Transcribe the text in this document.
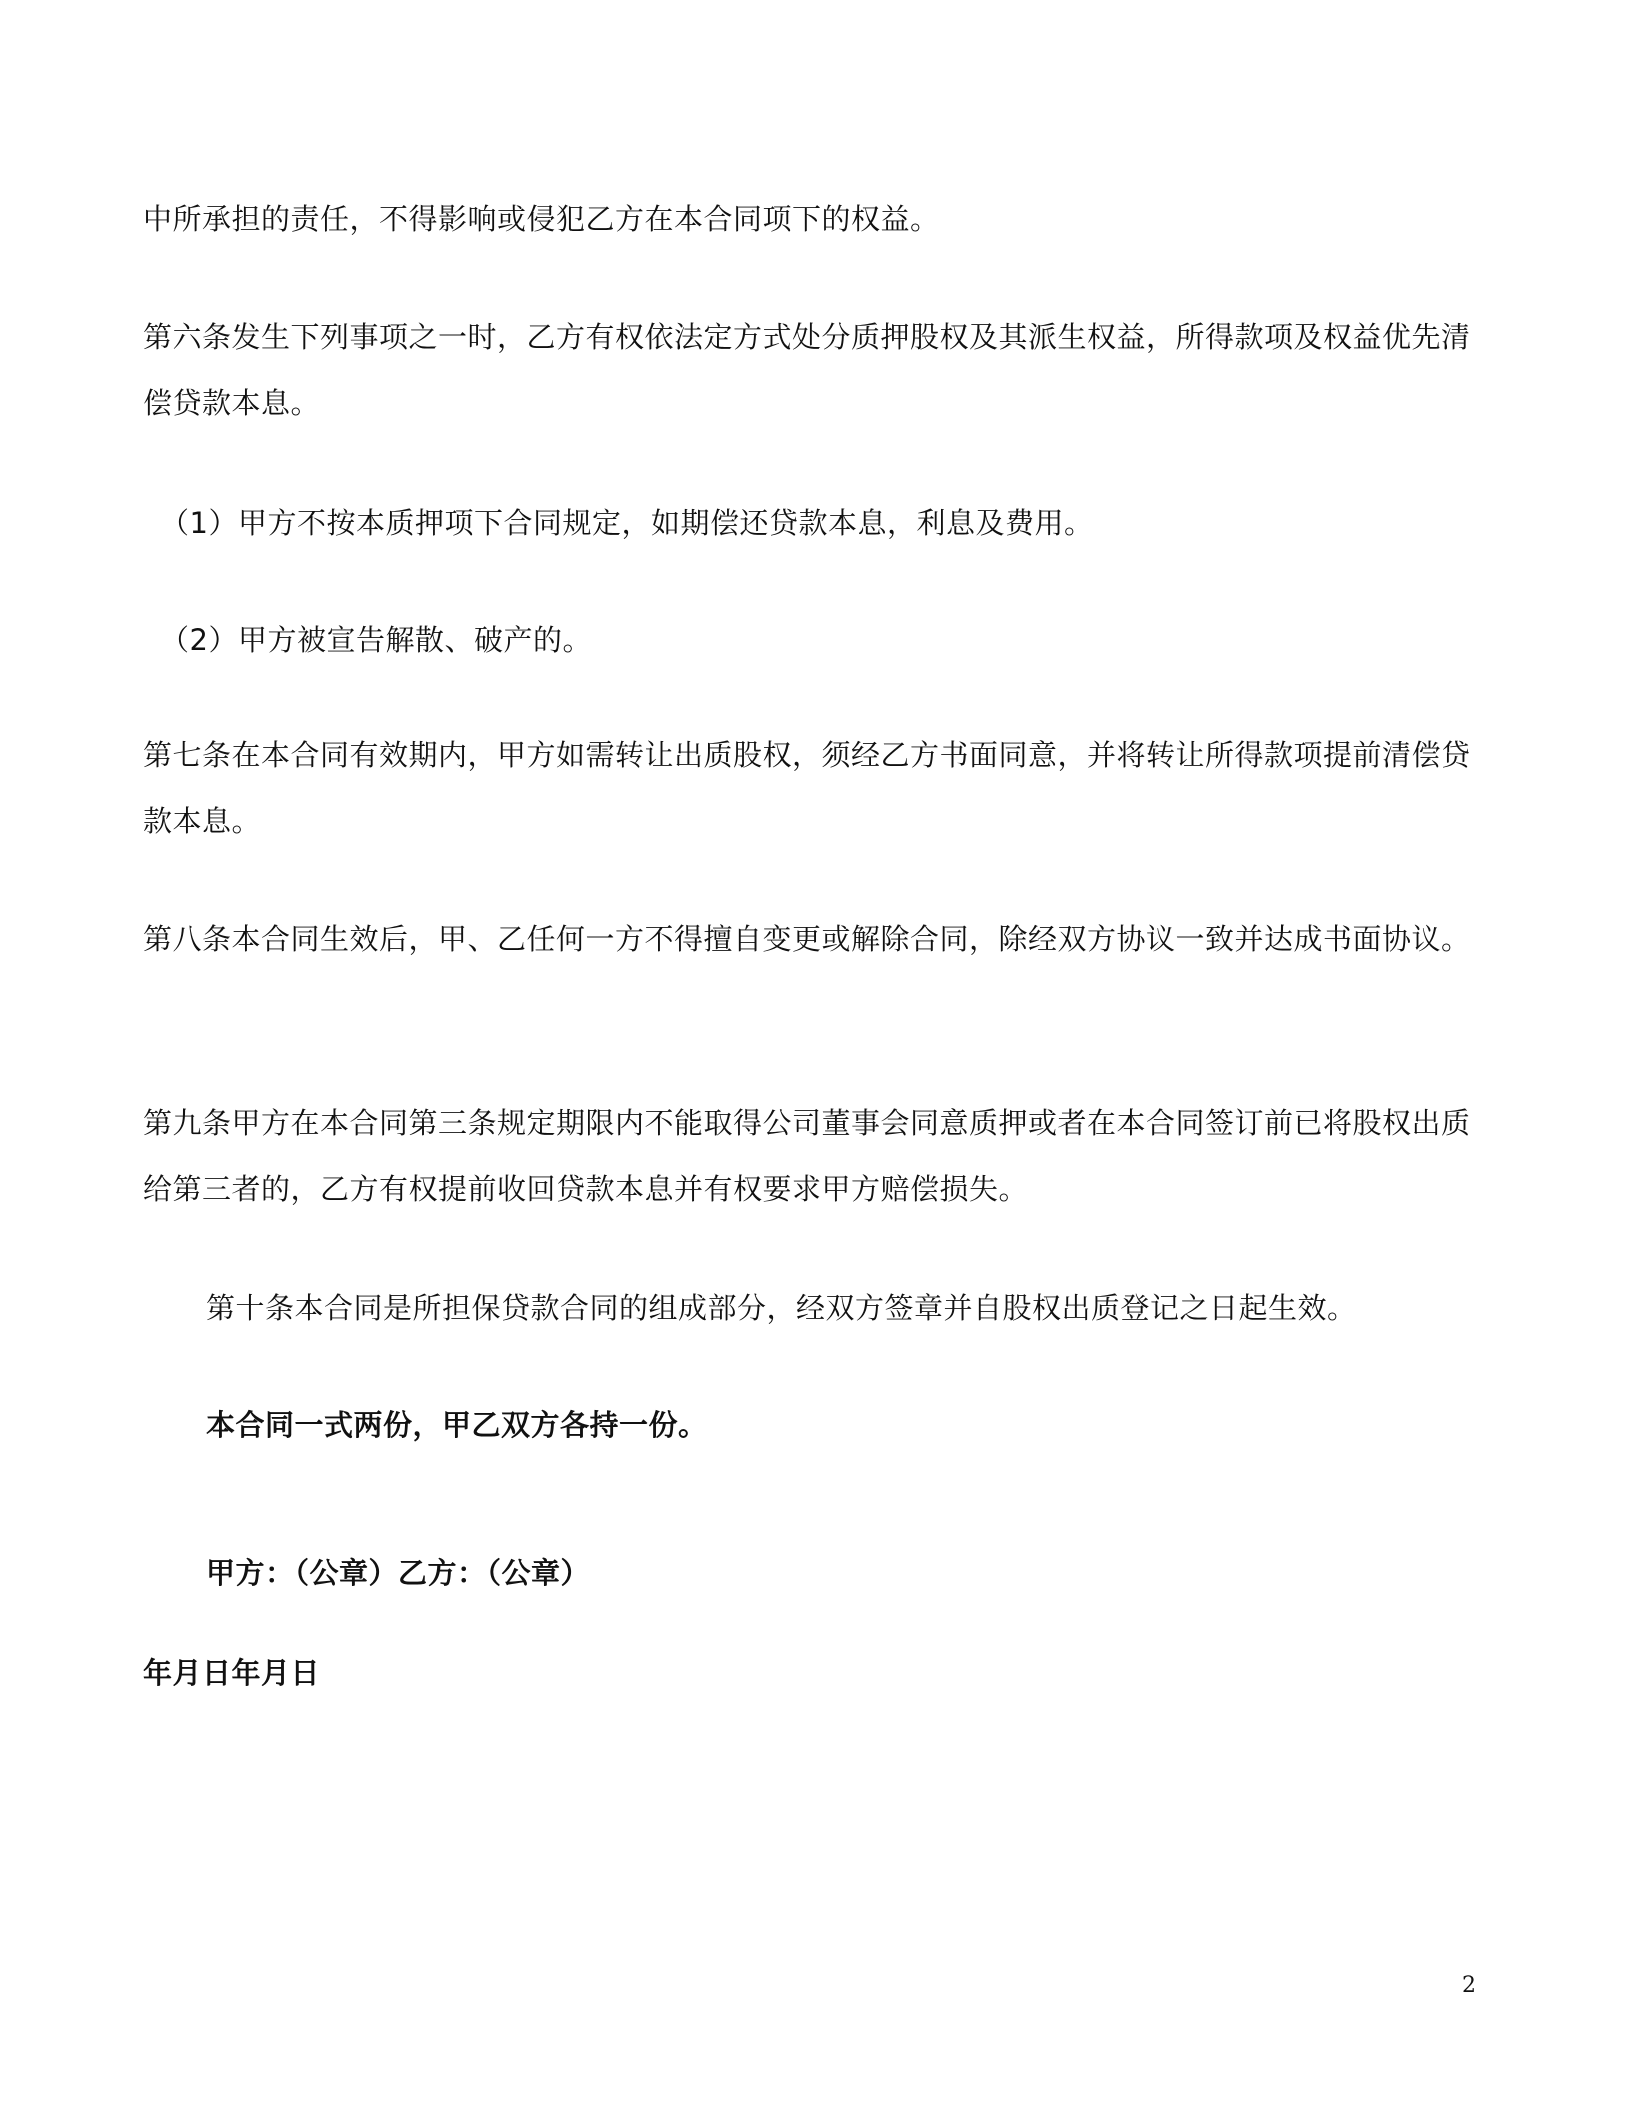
中所承担的责任，不得影响或侵犯乙方在本合同项下的权益。

第六条发生下列事项之一时，乙方有权依法定方式处分质押股权及其派生权益，所得款项及权益优先清偿贷款本息。

（1）甲方不按本质押项下合同规定，如期偿还贷款本息，利息及费用。

（2）甲方被宣告解散、破产的。

第七条在本合同有效期内，甲方如需转让出质股权，须经乙方书面同意，并将转让所得款项提前清偿贷款本息。

第八条本合同生效后，甲、乙任何一方不得擅自变更或解除合同，除经双方协议一致并达成书面协议。

第九条甲方在本合同第三条规定期限内不能取得公司董事会同意质押或者在本合同签订前已将股权出质给第三者的，乙方有权提前收回贷款本息并有权要求甲方赔偿损失。

第十条本合同是所担保贷款合同的组成部分，经双方签章并自股权出质登记之日起生效。

本合同一式两份，甲乙双方各持一份。

甲方：（公章）乙方：（公章）

年月日年月日

2
